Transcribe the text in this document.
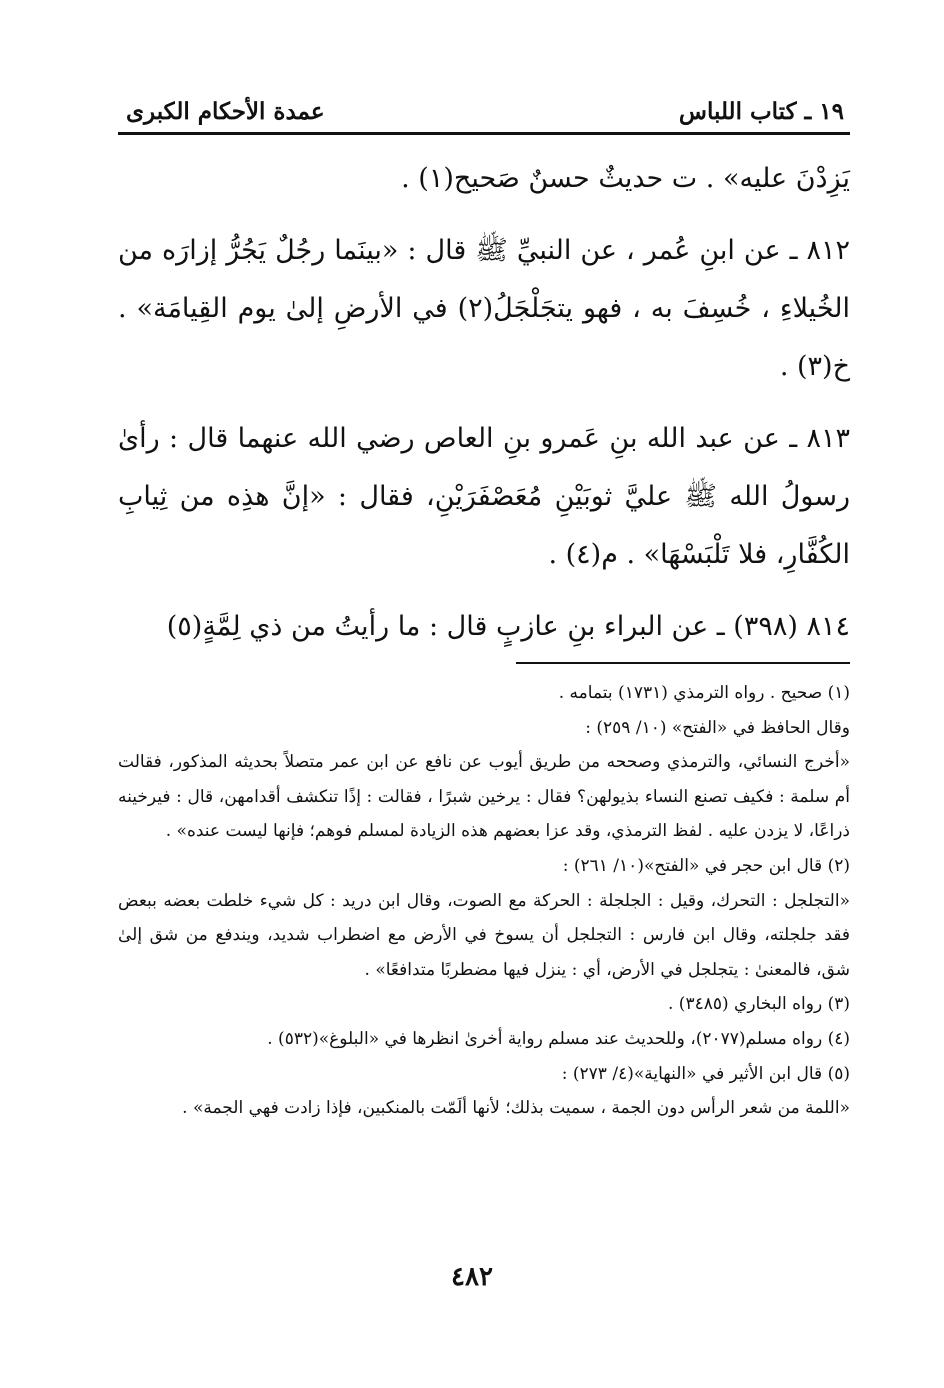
١٩ ـ كتاب اللباس
عمدة الأحكام الكبرى

يَزِدْنَ عليه» . ت حديثٌ حسنٌ صَحيح(١) .

٨١٢ ـ عن ابنِ عُمر ، عن النبيِّ ﷺ قال : «بينَما رجُلٌ يَجُرُّ إزارَه من الخُيلاءِ ، خُسِفَ به ، فهو يتجَلْجَلُ(٢) في الأرضِ إلىٰ يوم القِيامَة» . خ(٣) .

٨١٣ ـ عن عبد الله بنِ عَمرو بنِ العاص رضي الله عنهما قال : رأىٰ رسولُ الله ﷺ عليَّ ثوبَيْنِ مُعَصْفَرَيْنِ، فقال : «إنَّ هذِه من ثِيابِ الكُفَّارِ، فلا تَلْبَسْهَا» . م(٤) .

٨١٤ (٣٩٨) ـ عن البراء بنِ عازبٍ قال : ما رأيتُ من ذي لِمَّةٍ(٥)

(١) صحيح . رواه الترمذي (١٧٣١) بتمامه .

وقال الحافظ في «الفتح» (١٠/ ٢٥٩) :

«أخرج النسائي، والترمذي وصححه من طريق أيوب عن نافع عن ابن عمر متصلاً بحديثه المذكور، فقالت أم سلمة : فكيف تصنع النساء بذيولهن؟ فقال : يرخين شبرًا ، فقالت : إذًا تنكشف أقدامهن، قال : فيرخينه ذراعًا، لا يزدن عليه . لفظ الترمذي، وقد عزا بعضهم هذه الزيادة لمسلم فوهم؛ فإنها ليست عنده» .

(٢) قال ابن حجر في «الفتح»(١٠/ ٢٦١) :

«التجلجل : التحرك، وقيل : الجلجلة : الحركة مع الصوت، وقال ابن دريد : كل شيء خلطت بعضه ببعض فقد جلجلته، وقال ابن فارس : التجلجل أن يسوخ في الأرض مع اضطراب شديد، ويندفع من شق إلىٰ شق، فالمعنىٰ : يتجلجل في الأرض، أي : ينزل فيها مضطربًا متدافعًا» .

(٣) رواه البخاري (٣٤٨٥) .

(٤) رواه مسلم(٢٠٧٧)، وللحديث عند مسلم رواية أخرىٰ انظرها في «البلوغ»(٥٣٢) .

(٥) قال ابن الأثير في «النهاية»(٤/ ٢٧٣) :

«اللمة من شعر الرأس دون الجمة ، سميت بذلك؛ لأنها ألَمّت بالمنكبين، فإذا زادت فهي الجمة» .

٤٨٢
